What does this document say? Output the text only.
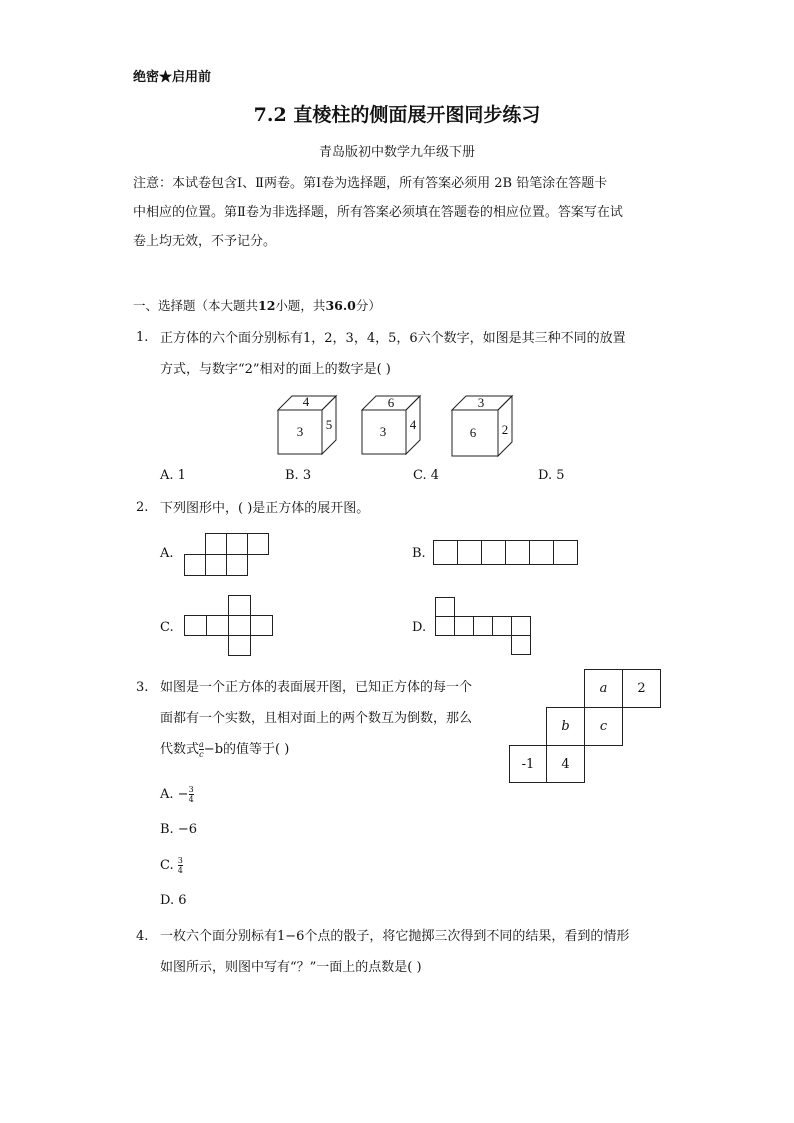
绝密★启用前
7.2 直棱柱的侧面展开图同步练习
青岛版初中数学九年级下册
注意：本试卷包含Ⅰ、Ⅱ两卷。第Ⅰ卷为选择题，所有答案必须用 2B 铅笔涂在答题卡
中相应的位置。第Ⅱ卷为非选择题，所有答案必须填在答题卷的相应位置。答案写在试
卷上均无效，不予记分。
一、选择题（本大题共12小题，共36.0分）
1. 正方体的六个面分别标有1，2，3，4，5，6六个数字，如图是其三种不同的放置
方式，与数字“2”相对的面上的数字是( )
4
3 5
6
3 4
3
6 2
A. 1	B. 3	C. 4	D. 5
2. 下列图形中，( )是正方体的展开图。
A.	B.
C.	D.
3. 如图是一个正方体的表面展开图，已知正方体的每一个
面都有一个实数，且相对面上的两个数互为倒数，那么
代数式 $\frac{a}{c} -b$的值等于( )
a	2
b	c
-1	4
A. − $\frac{3}{4}$
B. −6
C. $\frac{3}{4}$
D. 6
4. 一枚六个面分别标有1−6个点的骰子，将它抛掷三次得到不同的结果，看到的情形
如图所示，则图中写有“？”一面上的点数是( )
